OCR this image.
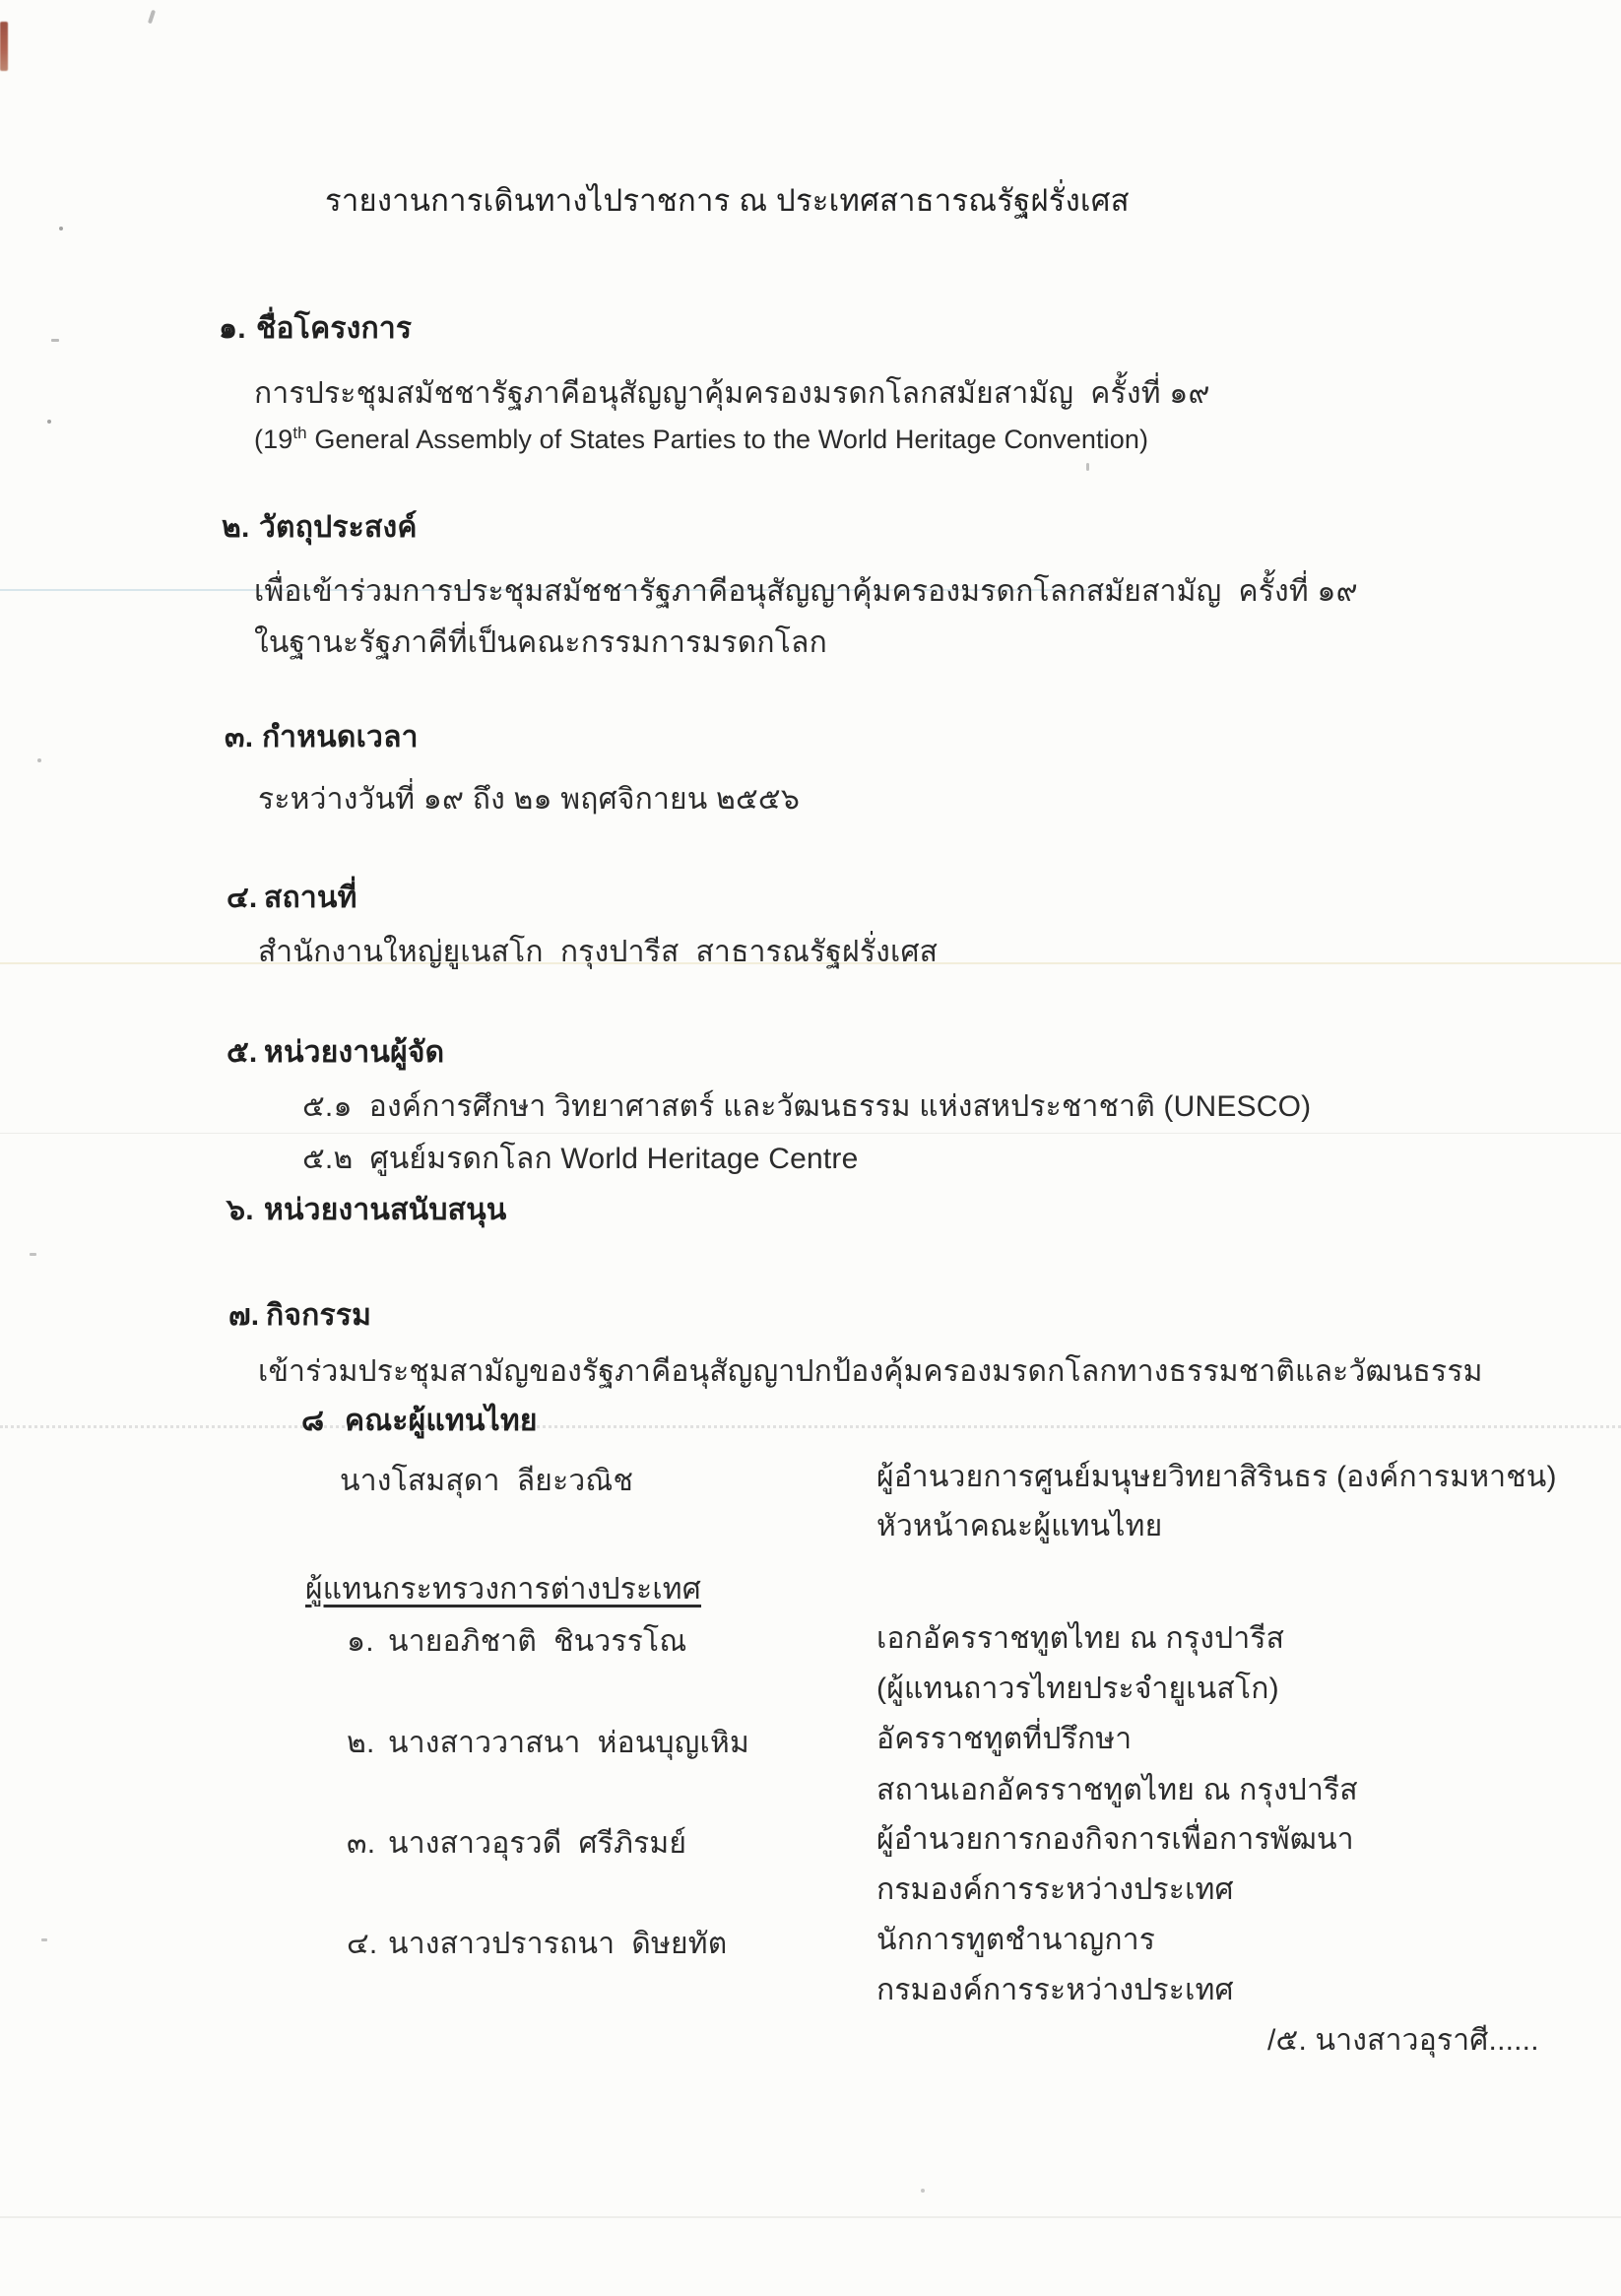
รายงานการเดินทางไปราชการ ณ ประเทศสาธารณรัฐฝรั่งเศส
๑. ชื่อโครงการ
การประชุมสมัชชารัฐภาคีอนุสัญญาคุ้มครองมรดกโลกสมัยสามัญ  ครั้งที่ ๑๙
(19th General Assembly of States Parties to the World Heritage Convention)
๒. วัตถุประสงค์
เพื่อเข้าร่วมการประชุมสมัชชารัฐภาคีอนุสัญญาคุ้มครองมรดกโลกสมัยสามัญ  ครั้งที่ ๑๙
ในฐานะรัฐภาคีที่เป็นคณะกรรมการมรดกโลก
๓. กำหนดเวลา
ระหว่างวันที่ ๑๙ ถึง ๒๑ พฤศจิกายน ๒๕๕๖
๔. สถานที่
สำนักงานใหญ่ยูเนสโก  กรุงปารีส  สาธารณรัฐฝรั่งเศส
๕. หน่วยงานผู้จัด
๕.๑  องค์การศึกษา วิทยาศาสตร์ และวัฒนธรรม แห่งสหประชาชาติ (UNESCO)
๕.๒  ศูนย์มรดกโลก World Heritage Centre
๖. หน่วยงานสนับสนุน
๗. กิจกรรม
เข้าร่วมประชุมสามัญของรัฐภาคีอนุสัญญาปกป้องคุ้มครองมรดกโลกทางธรรมชาติและวัฒนธรรม
๘ คณะผู้แทนไทย
นางโสมสุดา  ลียะวณิช	ผู้อำนวยการศูนย์มนุษยวิทยาสิรินธร (องค์การมหาชน)
หัวหน้าคณะผู้แทนไทย
ผู้แทนกระทรวงการต่างประเทศ
๑. นายอภิชาติ  ชินวรรโณ	เอกอัครราชทูตไทย ณ กรุงปารีส
(ผู้แทนถาวรไทยประจำยูเนสโก)
๒. นางสาววาสนา  ห่อนบุญเหิม	อัครราชทูตที่ปรึกษา
สถานเอกอัครราชทูตไทย ณ กรุงปารีส
๓. นางสาวอุรวดี  ศรีภิรมย์	ผู้อำนวยการกองกิจการเพื่อการพัฒนา
กรมองค์การระหว่างประเทศ
๔. นางสาวปรารถนา  ดิษยทัต	นักการทูตชำนาญการ
กรมองค์การระหว่างประเทศ
/๕. นางสาวอุราศี......
